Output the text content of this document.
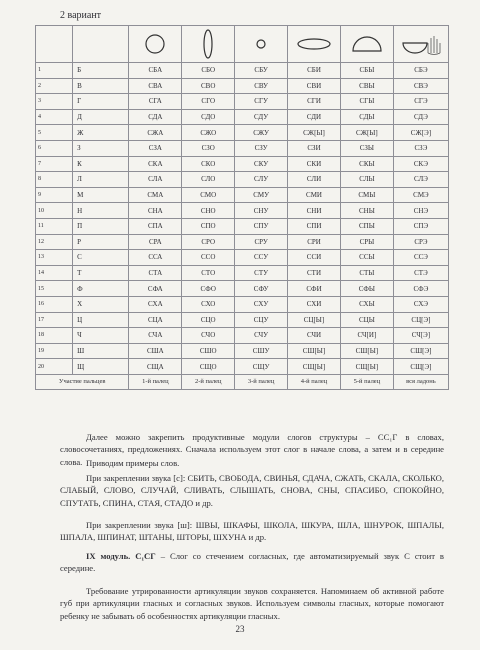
2 вариант

1	Б	СБА	СБО	СБУ	СБИ	СБЫ	СБЭ
2	В	СВА	СВО	СВУ	СВИ	СВЫ	СВЭ
3	Г	СГА	СГО	СГУ	СГИ	СГЫ	СГЭ
4	Д	СДА	СДО	СДУ	СДИ	СДЫ	СДЭ
5	Ж	СЖА	СЖО	СЖУ	СЖ[Ы]	СЖ[Ы]	СЖ[Э]
6	З	СЗА	СЗО	СЗУ	СЗИ	СЗЫ	СЗЭ
7	К	СКА	СКО	СКУ	СКИ	СКЫ	СКЭ
8	Л	СЛА	СЛО	СЛУ	СЛИ	СЛЫ	СЛЭ
9	М	СМА	СМО	СМУ	СМИ	СМЫ	СМЭ
10	Н	СНА	СНО	СНУ	СНИ	СНЫ	СНЭ
11	П	СПА	СПО	СПУ	СПИ	СПЫ	СПЭ
12	Р	СРА	СРО	СРУ	СРИ	СРЫ	СРЭ
13	С	ССА	ССО	ССУ	ССИ	ССЫ	ССЭ
14	Т	СТА	СТО	СТУ	СТИ	СТЫ	СТЭ
15	Ф	СФА	СФО	СФУ	СФИ	СФЫ	СФЭ
16	Х	СХА	СХО	СХУ	СХИ	СХЫ	СХЭ
17	Ц	СЦА	СЦО	СЦУ	СЦ[Ы]	СЦЫ	СЦ[Э]
18	Ч	СЧА	СЧО	СЧУ	СЧИ	СЧ[И]	СЧ[Э]
19	Ш	США	СШО	СШУ	СШ[Ы]	СШ[Ы]	СШ[Э]
20	Щ	СЩА	СЩО	СЩУ	СЩ[Ы]	СЩ[Ы]	СЩ[Э]
Участие пальцев		1-й палец	2-й палец	3-й палец	4-й палец	5-й палец	вся ладонь
Далее можно закрепить продуктивные модули слогов структуры – СС₁Г в словах, словосочетаниях, предложениях. Сначала используем этот слог в начале слова, а затем и в середине слова. Приводим примеры слов.
При закреплении звука [с]: СБИТЬ, СВОБОДА, СВИНЬЯ, СДАЧА, СЖАТЬ, СКАЛА, СКОЛЬКО, СЛАБЫЙ, СЛОВО, СЛУЧАЙ, СЛИВАТЬ, СЛЫШАТЬ, СНОВА, СНЫ, СПАСИБО, СПОКОЙНО, СПУТАТЬ, СПИНА, СТАЯ, СТАДО и др.
При закреплении звука [ш]: ШВЫ, ШКАФЫ, ШКОЛА, ШКУРА, ШЛА, ШНУРОК, ШПАЛЫ, ШПАЛА, ШПИНАТ, ШТАНЫ, ШТОРЫ, ШХУНА и др.
IX модуль. С₁СГ – Слог со стечением согласных, где автоматизируемый звук С стоит в середине.
Требование утрированности артикуляции звуков сохраняется. Напоминаем об активной работе губ при артикуляции гласных и согласных звуков. Используем символы гласных, которые помогают ребенку не забывать об особенностях артикуляции гласных.
23
